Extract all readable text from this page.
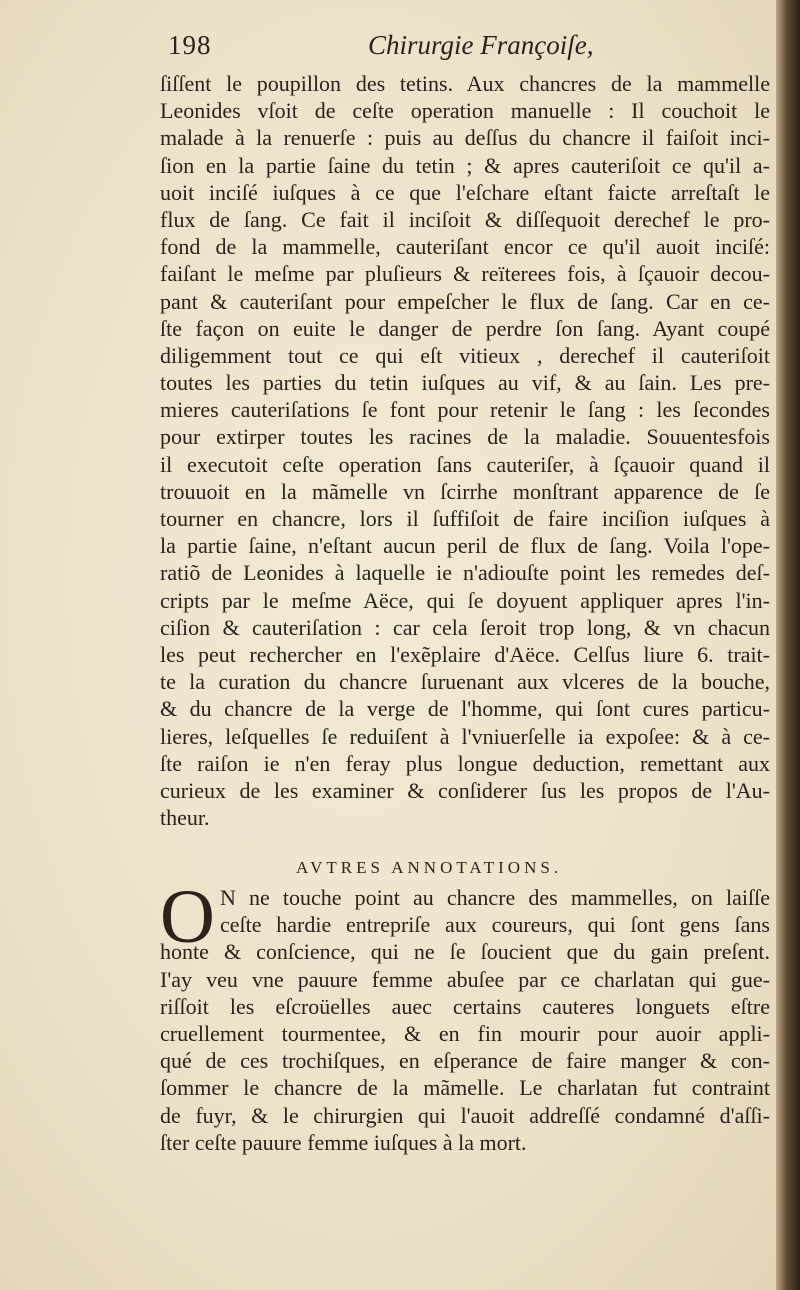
198	Chirurgie Françoiſe,
ſiſſent le poupillon des tetins. Aux chancres de la mammelle
Leonides vſoit de ceſte operation manuelle : Il couchoit le
malade à la renuerſe : puis au deſſus du chancre il faiſoit inci-
ſion en la partie ſaine du tetin ; & apres cauteriſoit ce qu'il a-
uoit inciſé iuſques à ce que l'eſchare eſtant faicte arreſtaſt le
flux de ſang. Ce fait il inciſoit & diſſequoit derechef le pro-
fond de la mammelle, cauteriſant encor ce qu'il auoit inciſé:
faiſant le meſme par pluſieurs & reïterees fois, à ſçauoir decou-
pant & cauteriſant pour empeſcher le flux de ſang. Car en ce-
ſte façon on euite le danger de perdre ſon ſang. Ayant coupé
diligemment tout ce qui eſt vitieux , derechef il cauteriſoit
toutes les parties du tetin iuſques au vif, & au ſain. Les pre-
mieres cauteriſations ſe font pour retenir le ſang : les ſecondes
pour extirper toutes les racines de la maladie. Souuentesfois
il executoit ceſte operation ſans cauteriſer, à ſçauoir quand il
trouuoit en la mãmelle vn ſcirrhe monſtrant apparence de ſe
tourner en chancre, lors il ſuffiſoit de faire inciſion iuſques à
la partie ſaine, n'eſtant aucun peril de flux de ſang. Voila l'ope-
ratiõ de Leonides à laquelle ie n'adiouſte point les remedes deſ-
cripts par le meſme Aëce, qui ſe doyuent appliquer apres l'in-
ciſion & cauteriſation : car cela ſeroit trop long, & vn chacun
les peut rechercher en l'exẽplaire d'Aëce. Celſus liure 6. trait-
te la curation du chancre ſuruenant aux vlceres de la bouche,
& du chancre de la verge de l'homme, qui ſont cures particu-
lieres, leſquelles ſe reduiſent à l'vniuerſelle ia expoſee: & à ce-
ſte raiſon ie n'en feray plus longue deduction, remettant aux
curieux de les examiner & conſiderer ſus les propos de l'Au-
theur.
AVTRES ANNOTATIONS.
O N ne touche point au chancre des mammelles, on laiſſe
ceſte hardie entrepriſe aux coureurs, qui ſont gens ſans
honte & conſcience, qui ne ſe ſoucient que du gain preſent.
I'ay veu vne pauure femme abuſee par ce charlatan qui gue-
riſſoit les eſcroüelles auec certains cauteres longuets eſtre
cruellement tourmentee, & en fin mourir pour auoir appli-
qué de ces trochiſques, en eſperance de faire manger & con-
ſommer le chancre de la mãmelle. Le charlatan fut contraint
de fuyr, & le chirurgien qui l'auoit addreſſé condamné d'aſſi-
ſter ceſte pauure femme iuſques à la mort.
